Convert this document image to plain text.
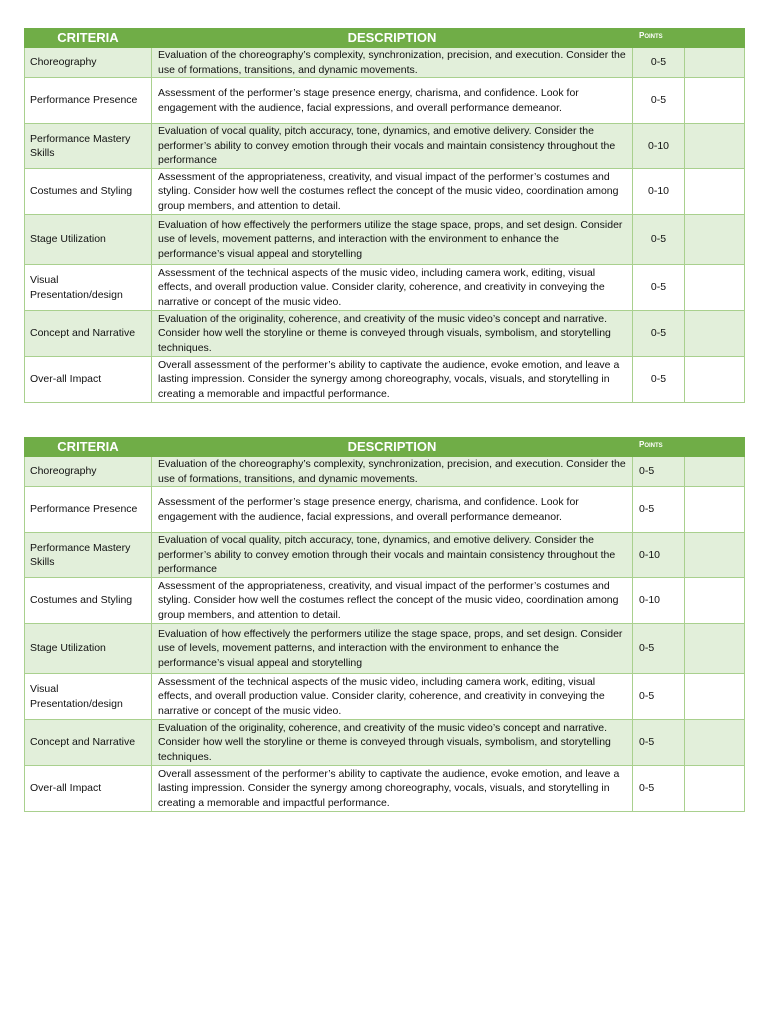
CRITERIA	DESCRIPTION	Points	
Choreography	Evaluation of the choreography’s complexity, synchronization, precision, and execution. Consider the use of formations, transitions, and dynamic movements.	0-5	
Performance Presence	Assessment of the performer’s stage presence energy, charisma, and confidence. Look for engagement with the audience, facial expressions, and overall performance demeanor.	0-5	
Performance Mastery Skills	Evaluation of vocal quality, pitch accuracy, tone, dynamics, and emotive delivery. Consider the performer’s ability to convey emotion through their vocals and maintain consistency throughout the performance	0-10	
Costumes and Styling	Assessment of the appropriateness, creativity, and visual impact of the performer’s costumes and styling. Consider how well the costumes reflect the concept of the music video, coordination among group members, and attention to detail.	0-10	
Stage Utilization	Evaluation of how effectively the performers utilize the stage space, props, and set design. Consider use of levels, movement patterns, and interaction with the environment to enhance the performance’s visual appeal and storytelling	0-5	
Visual Presentation/design	Assessment of the technical aspects of the music video, including camera work, editing, visual effects, and overall production value. Consider clarity, coherence, and creativity in conveying the narrative or concept of the music video.	0-5	
Concept and Narrative	Evaluation of the originality, coherence, and creativity of the music video’s concept and narrative. Consider how well the storyline or theme is conveyed through visuals, symbolism, and storytelling techniques.	0-5	
Over-all Impact	Overall assessment of the performer’s ability to captivate the audience, evoke emotion, and leave a lasting impression. Consider the synergy among choreography, vocals, visuals, and storytelling in creating a memorable and impactful performance.	0-5	
CRITERIA	DESCRIPTION	Points	
Choreography	Evaluation of the choreography’s complexity, synchronization, precision, and execution. Consider the use of formations, transitions, and dynamic movements.	0-5	
Performance Presence	Assessment of the performer’s stage presence energy, charisma, and confidence. Look for engagement with the audience, facial expressions, and overall performance demeanor.	0-5	
Performance Mastery Skills	Evaluation of vocal quality, pitch accuracy, tone, dynamics, and emotive delivery. Consider the performer’s ability to convey emotion through their vocals and maintain consistency throughout the performance	0-10	
Costumes and Styling	Assessment of the appropriateness, creativity, and visual impact of the performer’s costumes and styling. Consider how well the costumes reflect the concept of the music video, coordination among group members, and attention to detail.	0-10	
Stage Utilization	Evaluation of how effectively the performers utilize the stage space, props, and set design. Consider use of levels, movement patterns, and interaction with the environment to enhance the performance’s visual appeal and storytelling	0-5	
Visual Presentation/design	Assessment of the technical aspects of the music video, including camera work, editing, visual effects, and overall production value. Consider clarity, coherence, and creativity in conveying the narrative or concept of the music video.	0-5	
Concept and Narrative	Evaluation of the originality, coherence, and creativity of the music video’s concept and narrative. Consider how well the storyline or theme is conveyed through visuals, symbolism, and storytelling techniques.	0-5	
Over-all Impact	Overall assessment of the performer’s ability to captivate the audience, evoke emotion, and leave a lasting impression. Consider the synergy among choreography, vocals, visuals, and storytelling in creating a memorable and impactful performance.	0-5	
